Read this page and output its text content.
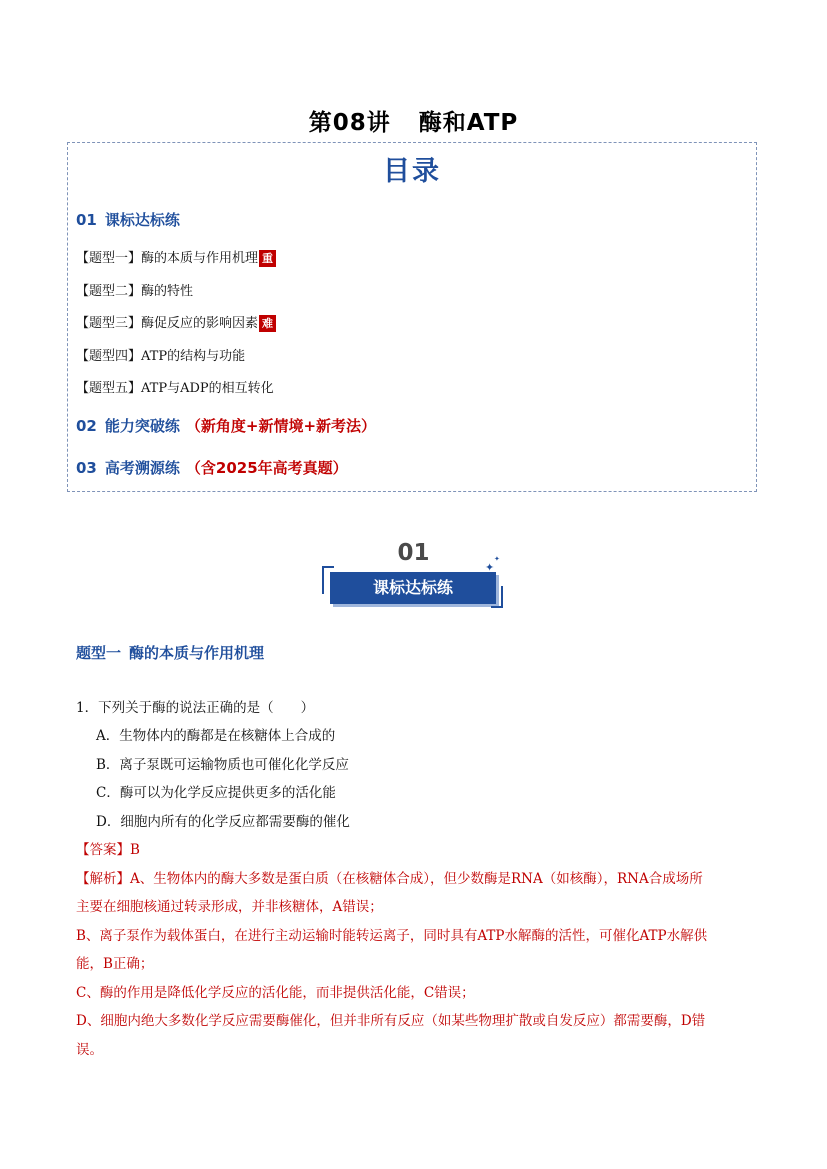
第08讲 酶和ATP
目录
01 课标达标练
【题型一】酶的本质与作用机理 重
【题型二】酶的特性
【题型三】酶促反应的影响因素 难
【题型四】ATP的结构与功能
【题型五】ATP与ADP的相互转化
02 能力突破练 （新角度+新情境+新考法）
03 高考溯源练 （含2025年高考真题）
01
课标达标练
✦
✦
题型一 酶的本质与作用机理
1．下列关于酶的说法正确的是（　　）
A．生物体内的酶都是在核糖体上合成的
B．离子泵既可运输物质也可催化化学反应
C．酶可以为化学反应提供更多的活化能
D．细胞内所有的化学反应都需要酶的催化
【答案】B
【解析】A、生物体内的酶大多数是蛋白质（在核糖体合成），但少数酶是RNA（如核酶），RNA合成场所
主要在细胞核通过转录形成，并非核糖体，A错误；
B、离子泵作为载体蛋白，在进行主动运输时能转运离子，同时具有ATP水解酶的活性，可催化ATP水解供
能，B正确；
C、酶的作用是降低化学反应的活化能，而非提供活化能，C错误；
D、细胞内绝大多数化学反应需要酶催化，但并非所有反应（如某些物理扩散或自发反应）都需要酶，D错
误。
